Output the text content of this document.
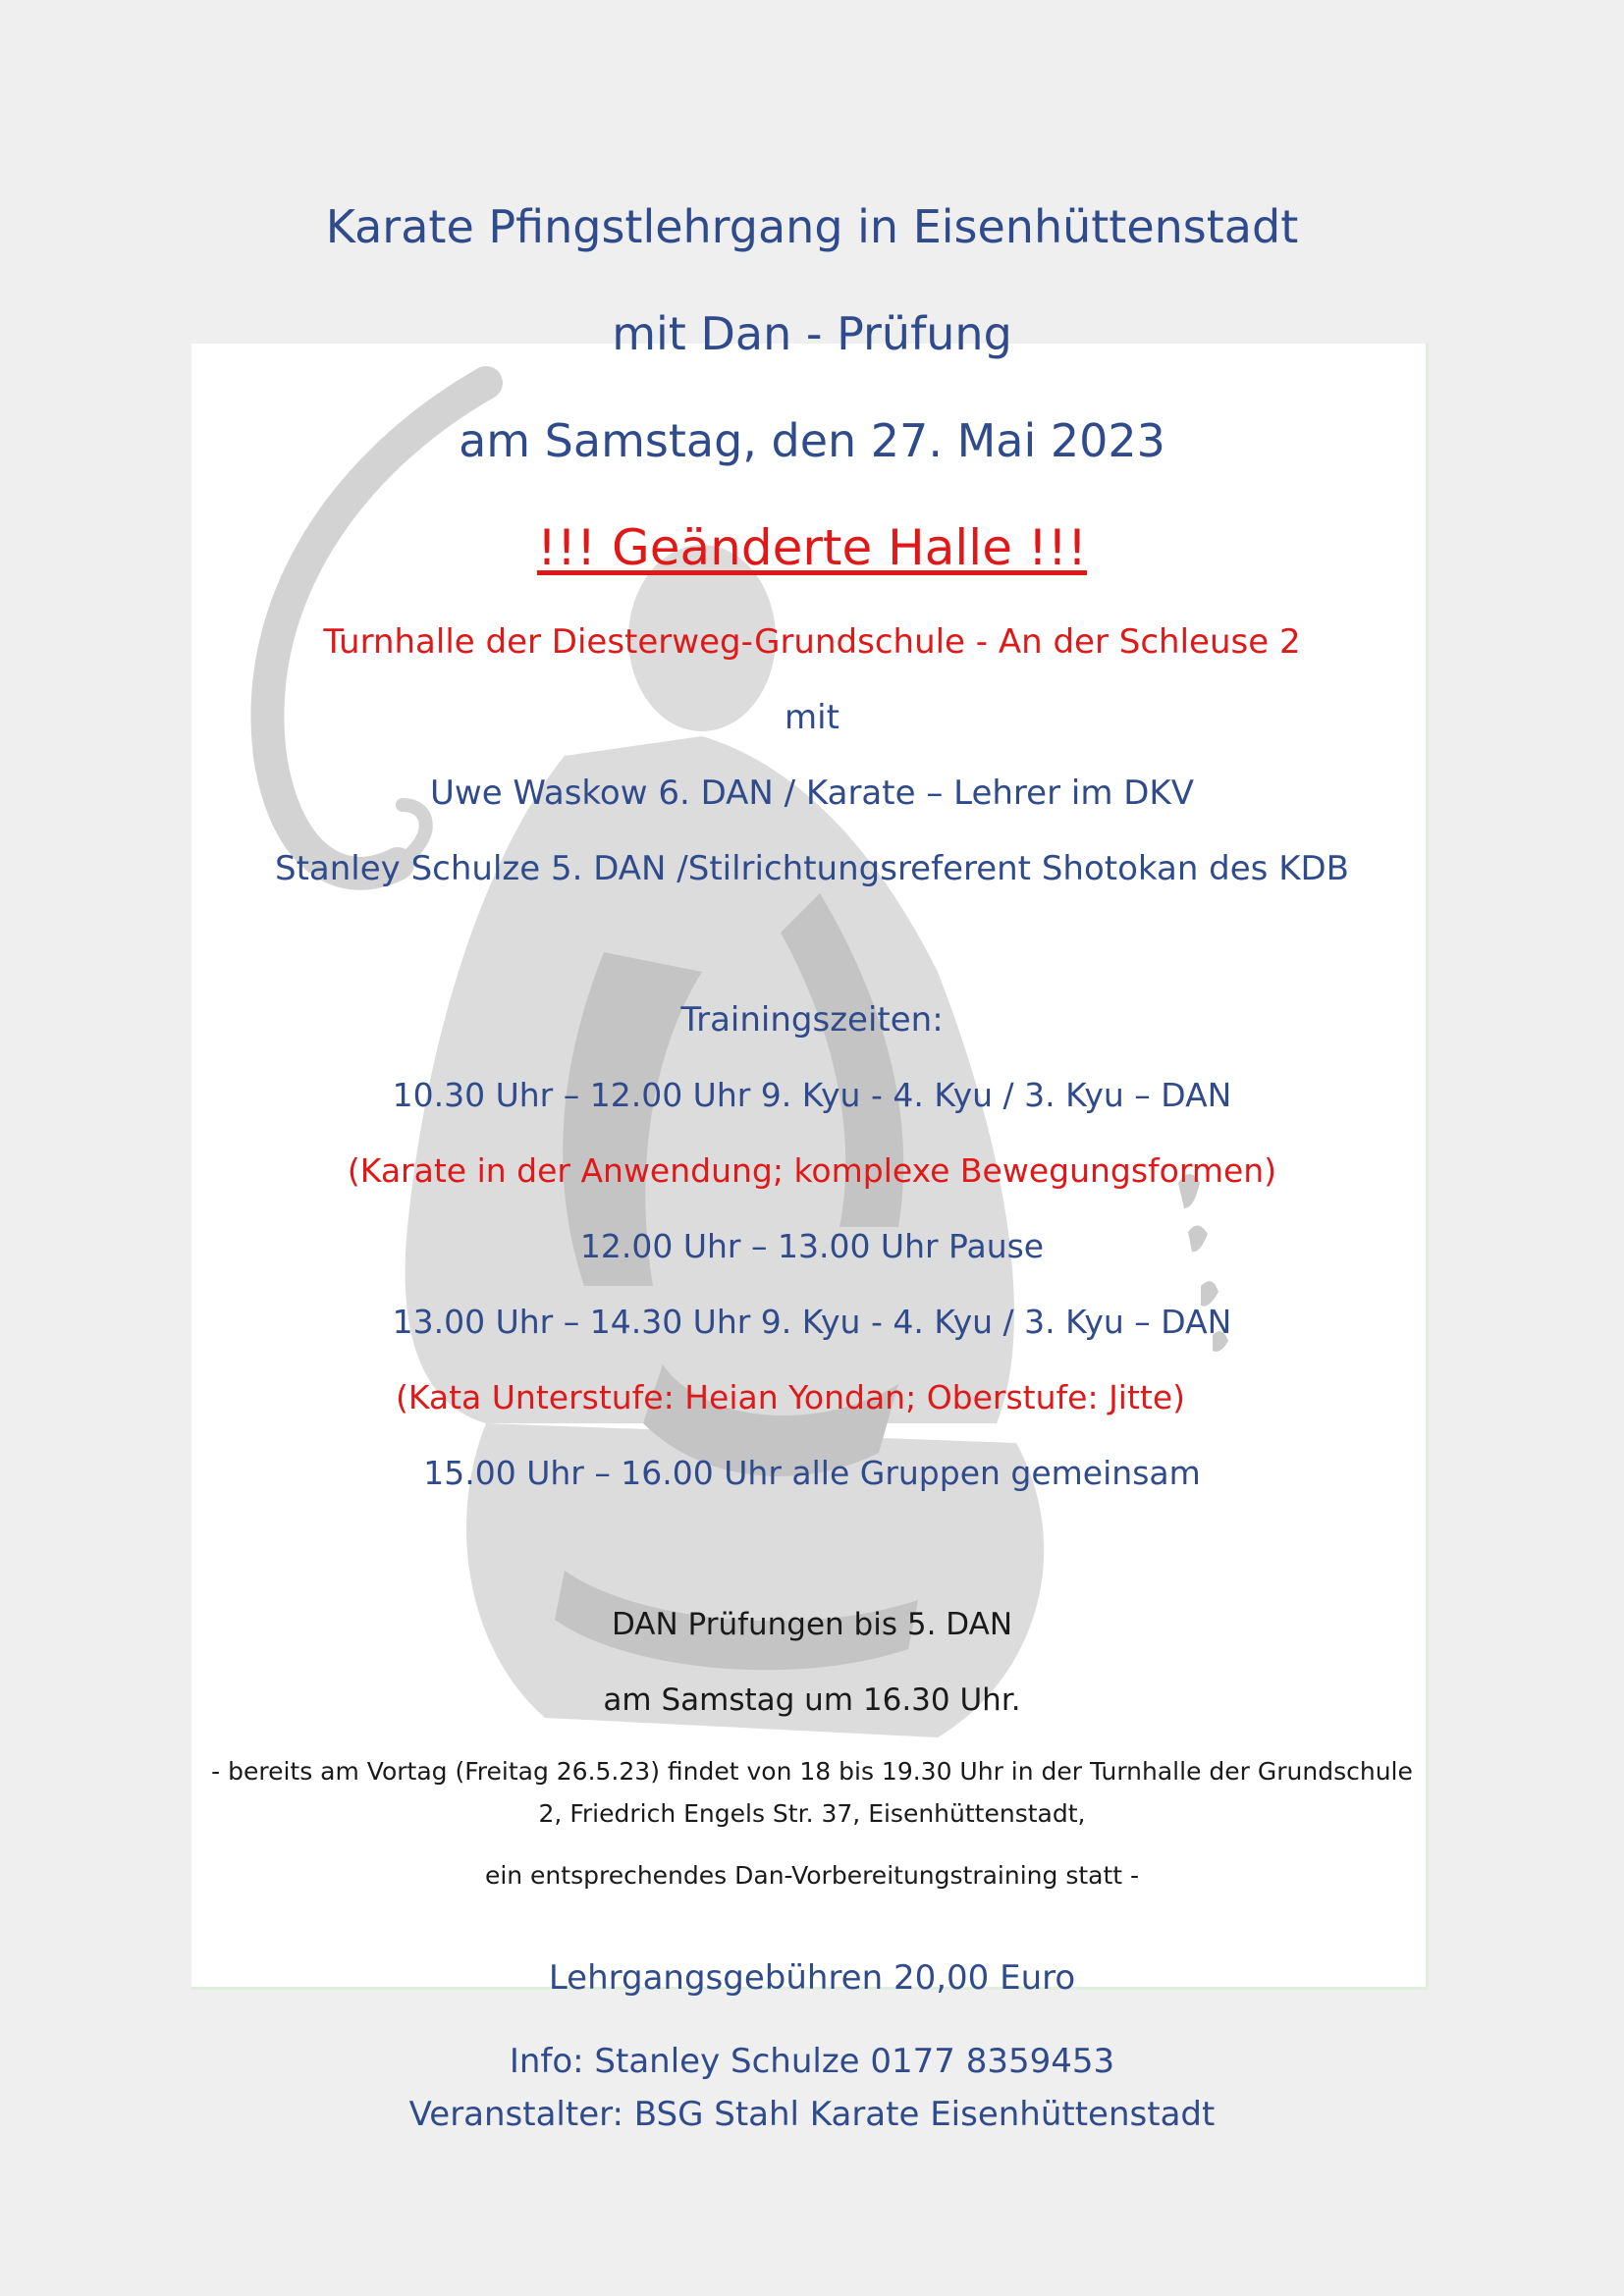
Karate Pfingstlehrgang in Eisenhüttenstadt
mit Dan - Prüfung
am Samstag, den 27. Mai 2023
!!! Geänderte Halle !!!
Turnhalle der Diesterweg-Grundschule - An der Schleuse 2
mit
Uwe Waskow 6. DAN / Karate – Lehrer im DKV
Stanley Schulze 5. DAN /Stilrichtungsreferent Shotokan des KDB
Trainingszeiten:
10.30 Uhr – 12.00 Uhr 9. Kyu - 4. Kyu / 3. Kyu – DAN
(Karate in der Anwendung; komplexe Bewegungsformen)
12.00 Uhr – 13.00 Uhr Pause
13.00 Uhr – 14.30 Uhr 9. Kyu - 4. Kyu / 3. Kyu – DAN
(Kata Unterstufe: Heian Yondan; Oberstufe: Jitte)
15.00 Uhr – 16.00 Uhr alle Gruppen gemeinsam
DAN Prüfungen bis 5. DAN
am Samstag um 16.30 Uhr.
- bereits am Vortag (Freitag 26.5.23) findet von 18 bis 19.30 Uhr in der Turnhalle der Grundschule
2, Friedrich Engels Str. 37, Eisenhüttenstadt,
ein entsprechendes Dan-Vorbereitungstraining statt -
Lehrgangsgebühren 20,00 Euro
Info: Stanley Schulze 0177 8359453
Veranstalter: BSG Stahl Karate Eisenhüttenstadt
